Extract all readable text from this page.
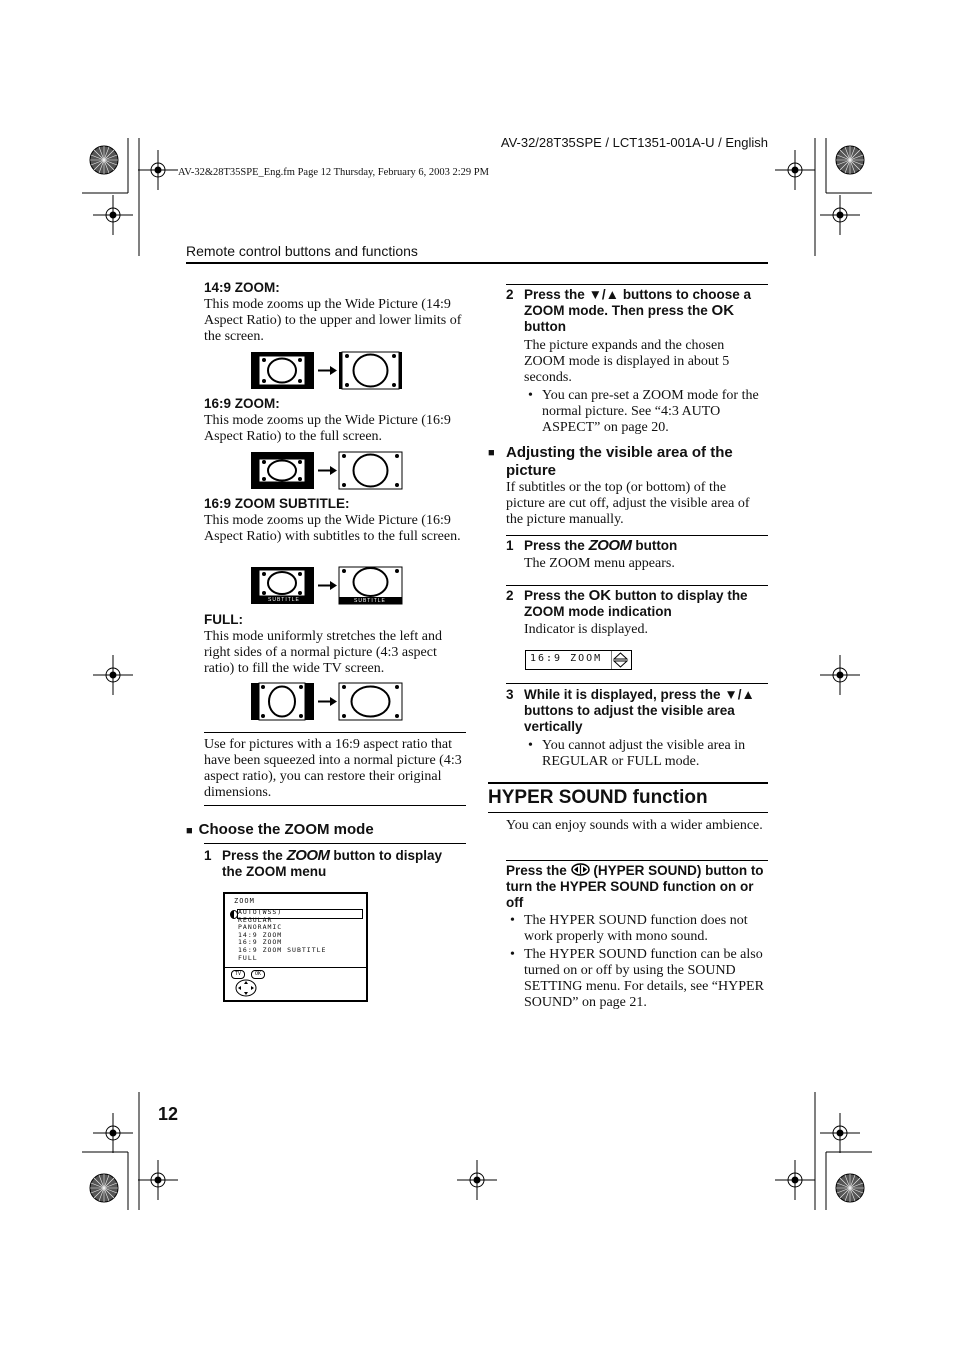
AV-32/28T35SPE / LCT1351-001A-U / English
AV-32&28T35SPE_Eng.fm Page 12 Thursday, February 6, 2003 2:29 PM
Remote control buttons and functions
14:9 ZOOM:
This mode zooms up the Wide Picture (14:9 Aspect Ratio) to the upper and lower limits of the screen.
16:9 ZOOM:
This mode zooms up the Wide Picture (16:9 Aspect Ratio) to the full screen.
16:9 ZOOM SUBTITLE:
This mode zooms up the Wide Picture (16:9 Aspect Ratio) with subtitles to the full screen.
SUBTITLE	SUBTITLE
FULL:
This mode uniformly stretches the left and right sides of a normal picture (4:3 aspect ratio) to fill the wide TV screen.
Use for pictures with a 16:9 aspect ratio that have been squeezed into a normal picture (4:3 aspect ratio), you can restore their original dimensions.
■ Choose the ZOOM mode
1 Press the ZOOM button to display the ZOOM menu
ZOOM
AUTO(WSS)
REGULAR
PANORAMIC
14:9 ZOOM
16:9 ZOOM
16:9 ZOOM SUBTITLE
FULL
TV	OK
2 Press the ▼/▲ buttons to choose a ZOOM mode. Then press the OK button
The picture expands and the chosen ZOOM mode is displayed in about 5 seconds.
• You can pre-set a ZOOM mode for the normal picture. See “4:3 AUTO ASPECT” on page 20.
■ Adjusting the visible area of the picture
If subtitles or the top (or bottom) of the picture are cut off, adjust the visible area of the picture manually.
1 Press the ZOOM button
The ZOOM menu appears.
2 Press the OK button to display the ZOOM mode indication
Indicator is displayed.
16:9 ZOOM
3 While it is displayed, press the ▼/▲ buttons to adjust the visible area vertically
• You cannot adjust the visible area in REGULAR or FULL mode.
HYPER SOUND function
You can enjoy sounds with a wider ambience.
Press the (HYPER SOUND) button to turn the HYPER SOUND function on or off
• The HYPER SOUND function does not work properly with mono sound.
• The HYPER SOUND function can be also turned on or off by using the SOUND SETTING menu. For details, see “HYPER SOUND” on page 21.
12
